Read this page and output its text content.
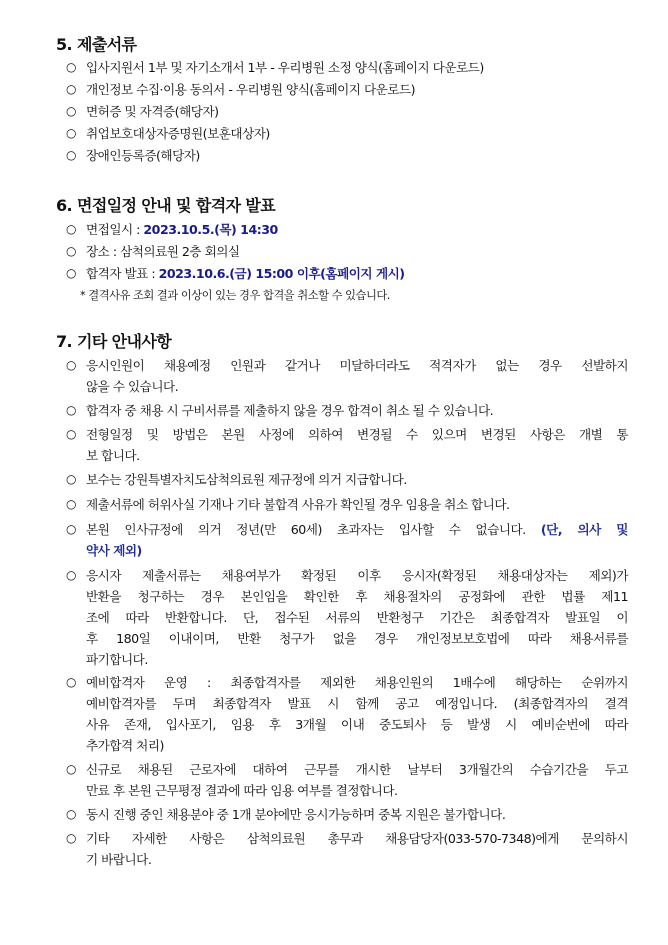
5. 제출서류
○ 입사지원서 1부 및 자기소개서 1부 - 우리병원 소정 양식(홈페이지 다운로드)
○ 개인정보 수집·이용 동의서 - 우리병원 양식(홈페이지 다운로드)
○ 면허증 및 자격증(해당자)
○ 취업보호대상자증명원(보훈대상자)
○ 장애인등록증(해당자)
6. 면접일정 안내 및 합격자 발표
○ 면접일시 : 2023.10.5.(목) 14:30
○ 장소 : 삼척의료원 2층 회의실
○ 합격자 발표 : 2023.10.6.(금) 15:00 이후(홈페이지 게시)
* 결격사유 조회 결과 이상이 있는 경우 합격을 취소할 수 있습니다.
7. 기타 안내사항
○ 응시인원이 채용예정 인원과 같거나 미달하더라도 적격자가 없는 경우 선발하지
않을 수 있습니다.
○ 합격자 중 채용 시 구비서류를 제출하지 않을 경우 합격이 취소 될 수 있습니다.
○ 전형일정 및 방법은 본원 사정에 의하여 변경될 수 있으며 변경된 사항은 개별 통
보 합니다.
○ 보수는 강원특별자치도삼척의료원 제규정에 의거 지급합니다.
○ 제출서류에 허위사실 기재나 기타 불합격 사유가 확인될 경우 임용을 취소 합니다.
○ 본원 인사규정에 의거 정년(만 60세) 초과자는 입사할 수 없습니다. (단, 의사 및
약사 제외)
○ 응시자 제출서류는 채용여부가 확정된 이후 응시자(확정된 채용대상자는 제외)가
반환을 청구하는 경우 본인임을 확인한 후 채용절차의 공정화에 관한 법률 제11
조에 따라 반환합니다. 단, 접수된 서류의 반환청구 기간은 최종합격자 발표일 이
후 180일 이내이며, 반환 청구가 없을 경우 개인정보보호법에 따라 채용서류를
파기합니다.
○ 예비합격자 운영 : 최종합격자를 제외한 채용인원의 1배수에 해당하는 순위까지
예비합격자를 두며 최종합격자 발표 시 함께 공고 예정입니다. (최종합격자의 결격
사유 존재, 입사포기, 임용 후 3개월 이내 중도퇴사 등 발생 시 예비순번에 따라
추가합격 처리)
○ 신규로 채용된 근로자에 대하여 근무를 개시한 날부터 3개월간의 수습기간을 두고
만료 후 본원 근무평정 결과에 따라 임용 여부를 결정합니다.
○ 동시 진행 중인 채용분야 중 1개 분야에만 응시가능하며 중복 지원은 불가합니다.
○ 기타 자세한 사항은 삼척의료원 총무과 채용담당자(033-570-7348)에게 문의하시
기 바랍니다.
